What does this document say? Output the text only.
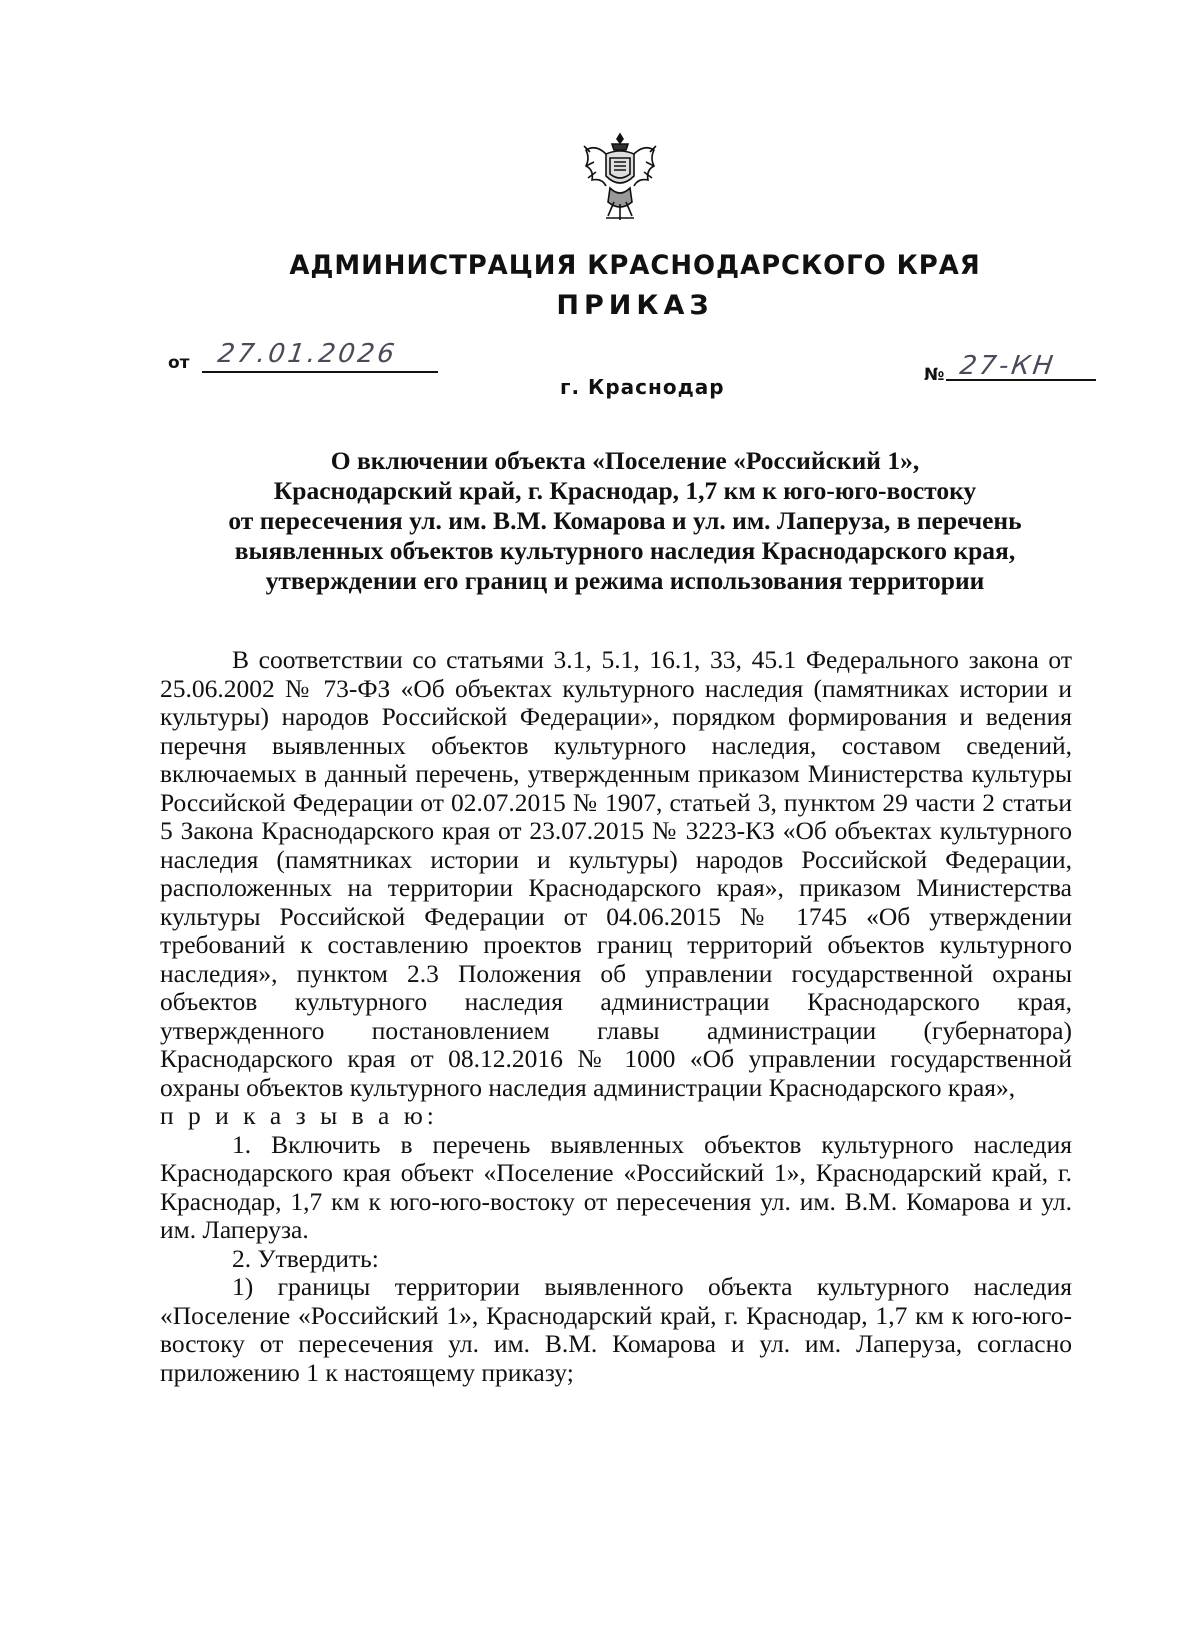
АДМИНИСТРАЦИЯ КРАСНОДАРСКОГО КРАЯ
ПРИКАЗ
от 27.01.2026
г. Краснодар	№ 27-КН
О включении объекта «Поселение «Российский 1»,
Краснодарский край, г. Краснодар, 1,7 км к юго-юго-востоку
от пересечения ул. им. В.М. Комарова и ул. им. Лаперуза, в перечень
выявленных объектов культурного наследия Краснодарского края,
утверждении его границ и режима использования территории

В соответствии со статьями 3.1, 5.1, 16.1, 33, 45.1 Федерального закона от 25.06.2002 № 73-ФЗ «Об объектах культурного наследия (памятниках истории и культуры) народов Российской Федерации», порядком формирования и ведения перечня выявленных объектов культурного наследия, составом сведений, включаемых в данный перечень, утвержденным приказом Министерства культуры Российской Федерации от 02.07.2015 № 1907, статьей 3, пунктом 29 части 2 статьи 5 Закона Краснодарского края от 23.07.2015 № 3223-КЗ «Об объектах культурного наследия (памятниках истории и культуры) народов Российской Федерации, расположенных на территории Краснодарского края», приказом Министерства культуры Российской Федерации от 04.06.2015 № 1745 «Об утверждении требований к составлению проектов границ территорий объектов культурного наследия», пунктом 2.3 Положения об управлении государственной охраны объектов культурного наследия администрации Краснодарского края, утвержденного постановлением главы администрации (губернатора) Краснодарского края от 08.12.2016 № 1000 «Об управлении государственной охраны объектов культурного наследия администрации Краснодарского края»,

п р и к а з ы в а ю:

1. Включить в перечень выявленных объектов культурного наследия Краснодарского края объект «Поселение «Российский 1», Краснодарский край, г. Краснодар, 1,7 км к юго-юго-востоку от пересечения ул. им. В.М. Комарова и ул. им. Лаперуза.

2. Утвердить:

1) границы территории выявленного объекта культурного наследия «Поселение «Российский 1», Краснодарский край, г. Краснодар, 1,7 км к юго-юго-востоку от пересечения ул. им. В.М. Комарова и ул. им. Лаперуза, согласно приложению 1 к настоящему приказу;
